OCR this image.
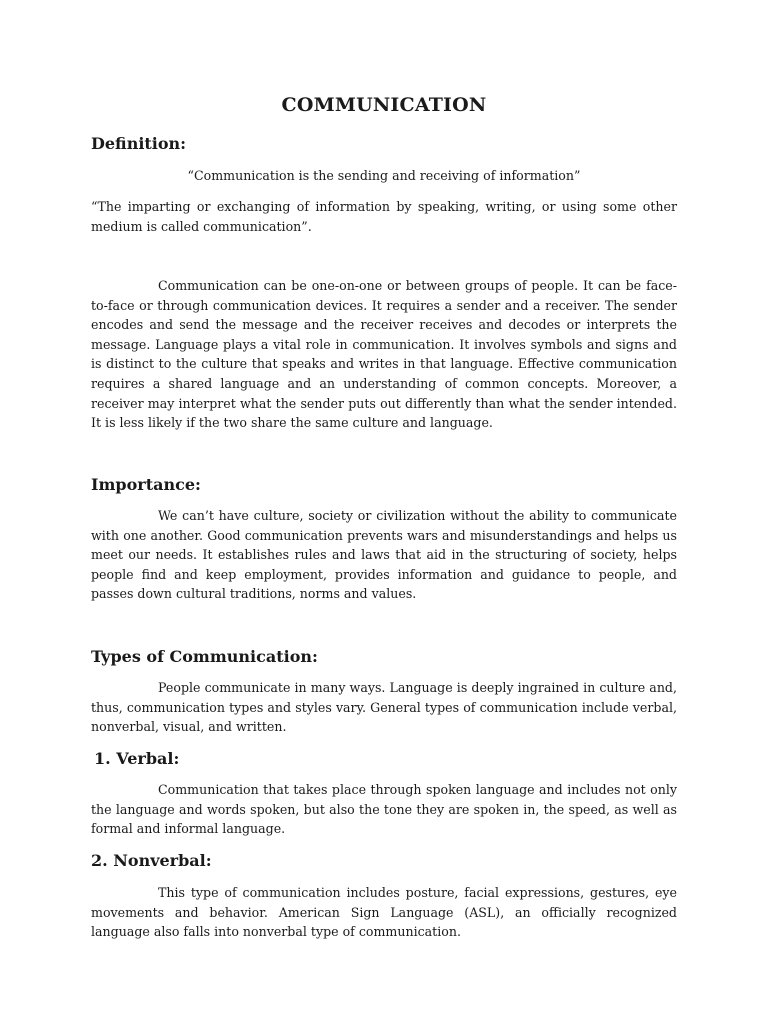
COMMUNICATION
Definition:
“Communication is the sending and receiving of information”

“The imparting or exchanging of information by speaking, writing, or using some other medium is called communication”.

Communication can be one-on-one or between groups of people. It can be face-to-face or through communication devices. It requires a sender and a receiver. The sender encodes and send the message and the receiver receives and decodes or interprets the message. Language plays a vital role in communication. It involves symbols and signs and is distinct to the culture that speaks and writes in that language. Effective communication requires a shared language and an understanding of common concepts. Moreover, a receiver may interpret what the sender puts out differently than what the sender intended. It is less likely if the two share the same culture and language.

Importance:

We can’t have culture, society or civilization without the ability to communicate with one another. Good communication prevents wars and misunderstandings and helps us meet our needs. It establishes rules and laws that aid in the structuring of society, helps people find and keep employment, provides information and guidance to people, and passes down cultural traditions, norms and values.

Types of Communication:

People communicate in many ways. Language is deeply ingrained in culture and, thus, communication types and styles vary. General types of communication include verbal, nonverbal, visual, and written.

1. Verbal:

Communication that takes place through spoken language and includes not only the language and words spoken, but also the tone they are spoken in, the speed, as well as formal and informal language.

2. Nonverbal:

This type of communication includes posture, facial expressions, gestures, eye movements and behavior. American Sign Language (ASL), an officially recognized language also falls into nonverbal type of communication.
